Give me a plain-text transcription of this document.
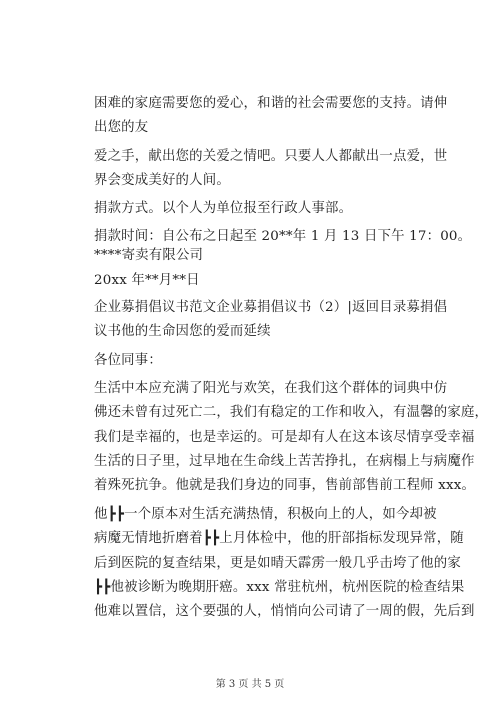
困难的家庭需要您的爱心，和谐的社会需要您的支持。请伸
出您的友
爱之手，献出您的关爱之情吧。只要人人都献出一点爱，世
界会变成美好的人间。
捐款方式。以个人为单位报至行政人事部。
捐款时间：自公布之日起至 20**年 1 月 13 日下午 17：00。
****寄卖有限公司
20xx 年**月**日
企业募捐倡议书范文企业募捐倡议书（2）|返回目录募捐倡
议书他的生命因您的爱而延续
各位同事：
生活中本应充满了阳光与欢笑，在我们这个群体的词典中仿
佛还未曾有过死亡二，我们有稳定的工作和收入，有温馨的家庭，
我们是幸福的，也是幸运的。可是却有人在这本该尽情享受幸福
生活的日子里，过早地在生命线上苦苦挣扎，在病榻上与病魔作
着殊死抗争。他就是我们身边的同事，售前部售前工程师 xxx。
他┣┣一个原本对生活充满热情，积极向上的人，如今却被
病魔无情地折磨着┣┣上月体检中，他的肝部指标发现异常，随
后到医院的复查结果，更是如晴天霹雳一般几乎击垮了他的家
┣┣他被诊断为晚期肝癌。xxx 常驻杭州，杭州医院的检查结果
他难以置信，这个要强的人，悄悄向公司请了一周的假，先后到
第 3 页 共 5 页
